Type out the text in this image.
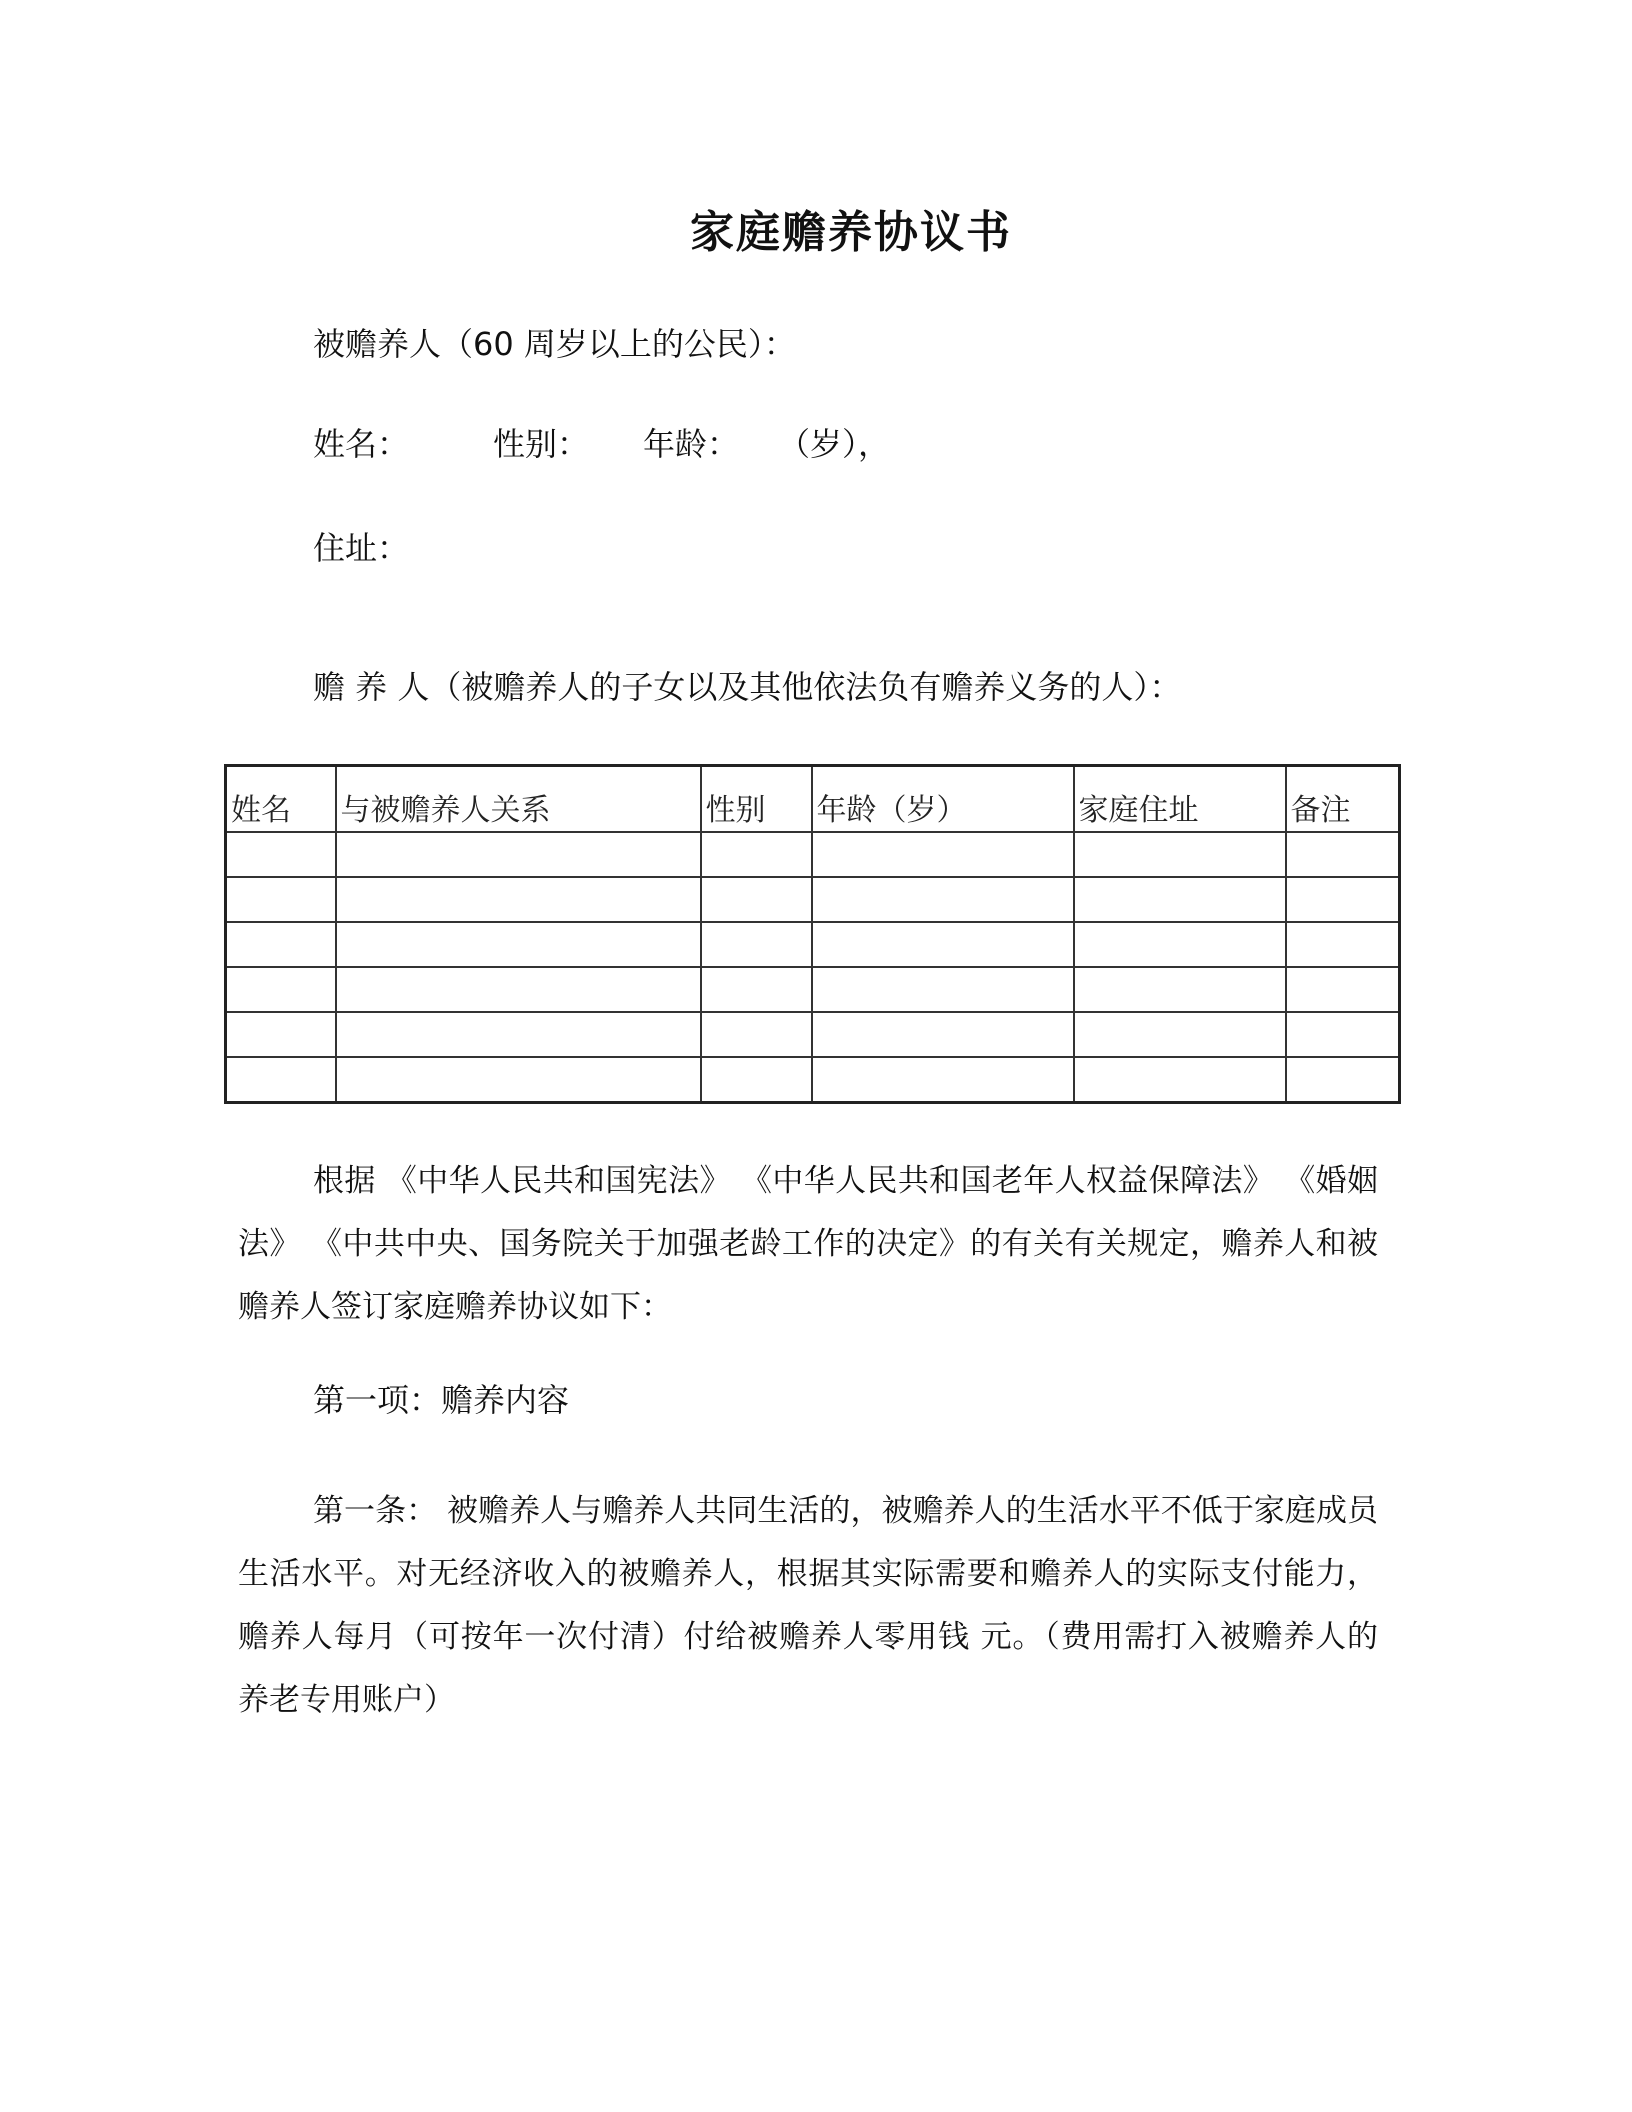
家庭赡养协议书
被赡养人（60 周岁以上的公民）：
姓名：	性别： 年龄： （岁），
住址：
赡 养 人（被赡养人的子女以及其他依法负有赡养义务的人）：
姓名	与被赡养人关系	性别	年龄（岁）	家庭住址	备注

根据 《中华人民共和国宪法》 《中华人民共和国老年人权益保障法》 《婚姻法》 《中共中央、国务院关于加强老龄工作的决定》的有关有关规定，赡养人和被赡养人签订家庭赡养协议如下：
第一项：赡养内容
第一条： 被赡养人与赡养人共同生活的，被赡养人的生活水平不低于家庭成员生活水平。对无经济收入的被赡养人，根据其实际需要和赡养人的实际支付能力，赡养人每月（可按年一次付清）付给被赡养人零用钱 元。（费用需打入被赡养人的养老专用账户）
